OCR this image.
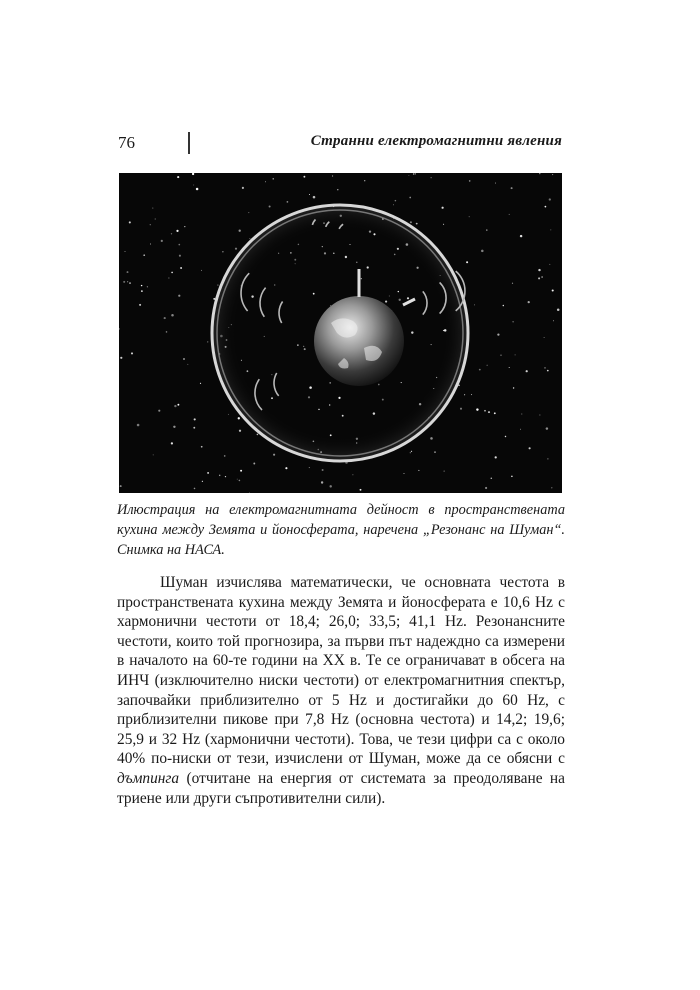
76	Странни електромагнитни явления
Илюстрация на електромагнитната дейност в пространствената кухина между Земята и йоносферата, наречена „Резонанс на Шуман“. Снимка на НАСА.

Шуман изчислява математически, че основната честота в пространствената кухина между Земята и йоносферата е 10,6 Hz с хармонични честоти от 18,4; 26,0; 33,5; 41,1 Hz. Резонансните честоти, които той прогнозира, за първи път надеждно са измерени в началото на 60-те години на XX в. Те се ограничават в обсега на ИНЧ (изключително ниски честоти) от електромагнитния спектър, започвайки приблизително от 5 Hz и достигайки до 60 Hz, с приблизителни пикове при 7,8 Hz (основна честота) и 14,2; 19,6; 25,9 и 32 Hz (хармонични честоти). Това, че тези цифри са с около 40% по-ниски от тези, изчислени от Шуман, може да се обясни с дъмпинга (отчитане на енергия от системата за преодоляване на триене или други съпротивителни сили).
